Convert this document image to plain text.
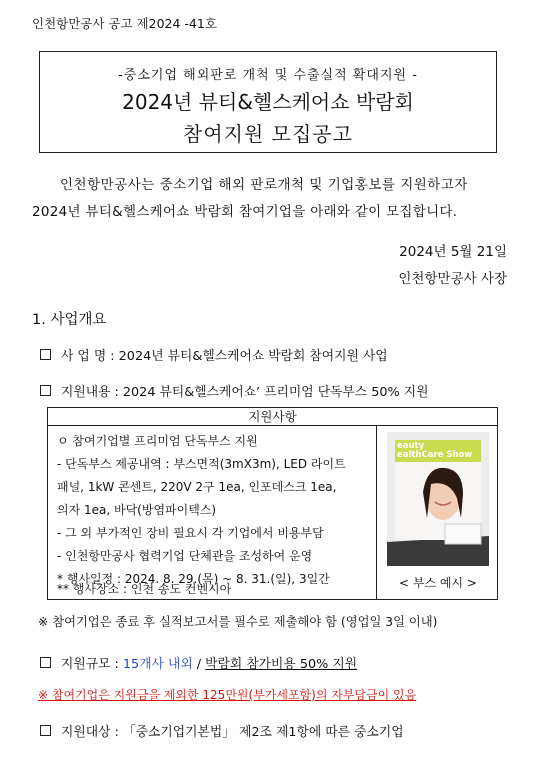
인천항만공사 공고 제2024 -41호
-중소기업 해외판로 개척 및 수출실적 확대지원 -
2024년 뷰티&헬스케어쇼 박람회
참여지원 모집공고
인천항만공사는 중소기업 해외 판로개척 및 기업홍보를 지원하고자
2024년 뷰티&헬스케어쇼 박람회 참여기업을 아래와 같이 모집합니다.
2024년 5월 21일
인천항만공사 사장
1. 사업개요
사 업 명 : 2024년 뷰티&헬스케어쇼 박람회 참여지원 사업
지원내용 : 2024 뷰티&헬스케어쇼’ 프리미엄 단독부스 50% 지원
지원사항
ㅇ 참여기업별 프리미엄 단독부스 지원
- 단독부스 제공내역 : 부스면적(3mX3m), LED 라이트
패널, 1kW 콘센트, 220V 2구 1ea, 인포데스크 1ea,
의자 1ea, 바닥(방염파이텍스)
- 그 외 부가적인 장비 필요시 각 기업에서 비용부담
- 인천항만공사 협력기업 단체관을 조성하여 운영
* 행사일정 : 2024. 8. 29.(목) ~ 8. 31.(일), 3일간
** 행사장소 : 인천 송도 컨벤시아
eauty
ealthCare Show
< 부스 예시 >
※ 참여기업은 종료 후 실적보고서를 필수로 제출해야 함 (영업일 3일 이내)
지원규모 : 15개사 내외 / 박람회 참가비용 50% 지원
※ 참여기업은 지원금을 제외한 125만원(부가세포함)의 자부담금이 있음
지원대상 : 「중소기업기본법」 제2조 제1항에 따른 중소기업
